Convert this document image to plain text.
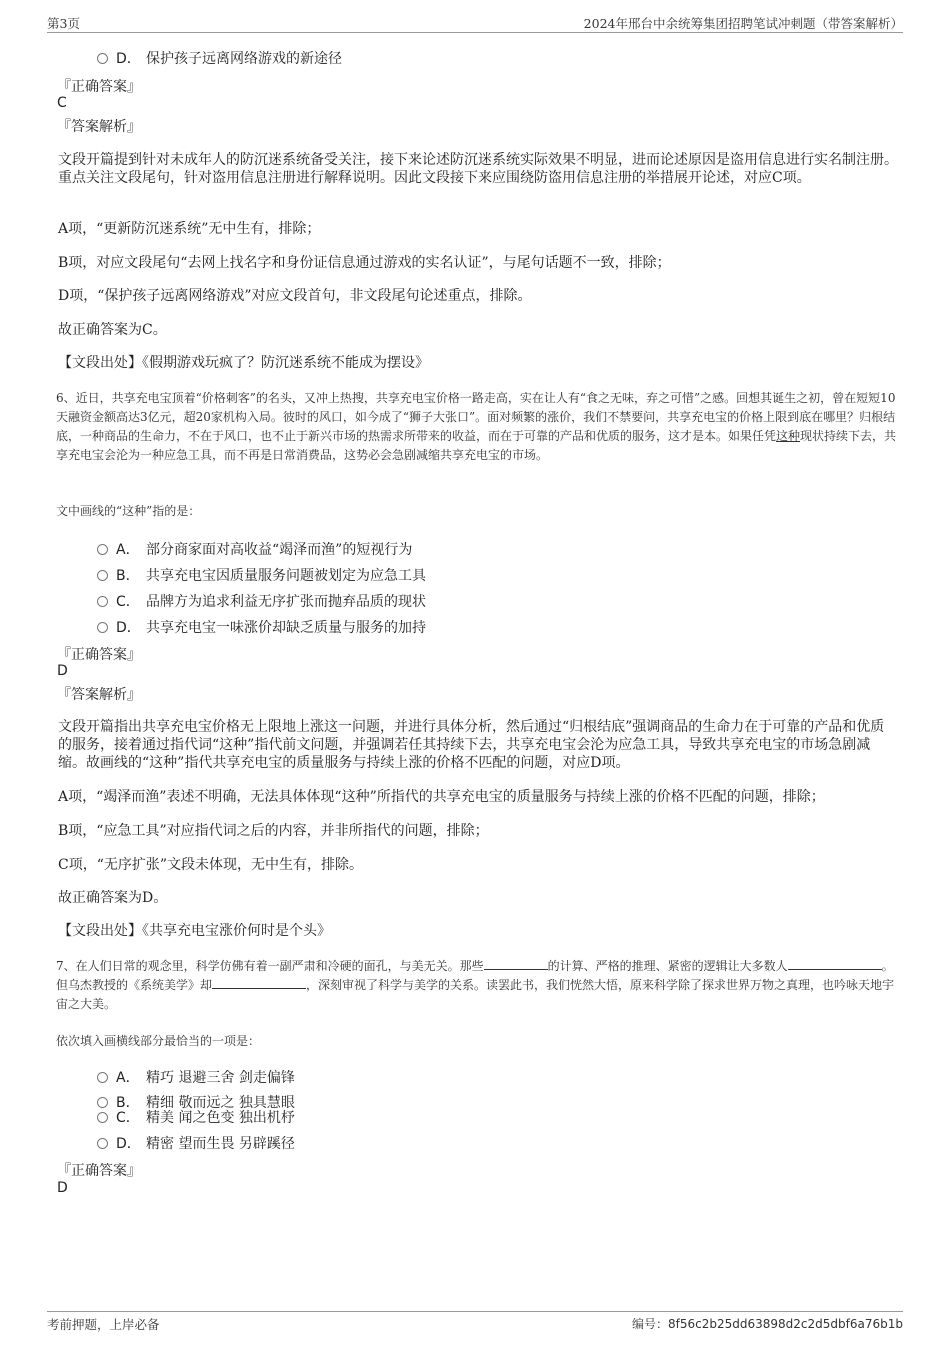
第3页	2024年邢台中余统筹集团招聘笔试冲刺题（带答案解析）
D． 保护孩子远离网络游戏的新途径
『正确答案』
C
『答案解析』
文段开篇提到针对未成年人的防沉迷系统备受关注，接下来论述防沉迷系统实际效果不明显，进而论述原因是盗用信息进行实名制注册。重点关注文段尾句，针对盗用信息注册进行解释说明。因此文段接下来应围绕防盗用信息注册的举措展开论述，对应C项。
A项，“更新防沉迷系统”无中生有，排除；
B项，对应文段尾句“去网上找名字和身份证信息通过游戏的实名认证”，与尾句话题不一致，排除；
D项，“保护孩子远离网络游戏”对应文段首句，非文段尾句论述重点，排除。
故正确答案为C。
【文段出处】《假期游戏玩疯了？防沉迷系统不能成为摆设》
6、近日，共享充电宝顶着“价格刺客”的名头，又冲上热搜，共享充电宝价格一路走高，实在让人有“食之无味，弃之可惜”之感。回想其诞生之初，曾在短短10天融资金额高达3亿元，超20家机构入局。彼时的风口，如今成了“狮子大张口”。面对频繁的涨价，我们不禁要问，共享充电宝的价格上限到底在哪里？归根结底，一种商品的生命力，不在于风口，也不止于新兴市场的热需求所带来的收益，而在于可靠的产品和优质的服务，这才是本。如果任凭这种现状持续下去，共享充电宝会沦为一种应急工具，而不再是日常消费品，这势必会急剧减缩共享充电宝的市场。
文中画线的“这种”指的是：
A． 部分商家面对高收益“竭泽而渔”的短视行为
B． 共享充电宝因质量服务问题被划定为应急工具
C． 品牌方为追求利益无序扩张而抛弃品质的现状
D． 共享充电宝一味涨价却缺乏质量与服务的加持
『正确答案』
D
『答案解析』
文段开篇指出共享充电宝价格无上限地上涨这一问题，并进行具体分析，然后通过“归根结底”强调商品的生命力在于可靠的产品和优质的服务，接着通过指代词“这种”指代前文问题，并强调若任其持续下去，共享充电宝会沦为应急工具，导致共享充电宝的市场急剧减缩。故画线的“这种”指代共享充电宝的质量服务与持续上涨的价格不匹配的问题，对应D项。
A项，“竭泽而渔”表述不明确，无法具体体现“这种”所指代的共享充电宝的质量服务与持续上涨的价格不匹配的问题，排除；
B项，“应急工具”对应指代词之后的内容，并非所指代的问题，排除；
C项，“无序扩张”文段未体现，无中生有，排除。
故正确答案为D。
【文段出处】《共享充电宝涨价何时是个头》
7、在人们日常的观念里，科学仿佛有着一副严肃和冷硬的面孔，与美无关。那些	的计算、严格的推理、紧密的逻辑让大多数人	。但乌杰教授的《系统美学》却	，深刻审视了科学与美学的关系。读罢此书，我们恍然大悟，原来科学除了探求世界万物之真理，也吟咏天地宇宙之大美。
依次填入画横线部分最恰当的一项是：
A． 精巧 退避三舍 剑走偏锋
B． 精细 敬而远之 独具慧眼
C． 精美 闻之色变 独出机杼
D． 精密 望而生畏 另辟蹊径
『正确答案』
D
考前押题，上岸必备	编号：8f56c2b25dd63898d2c2d5dbf6a76b1b
